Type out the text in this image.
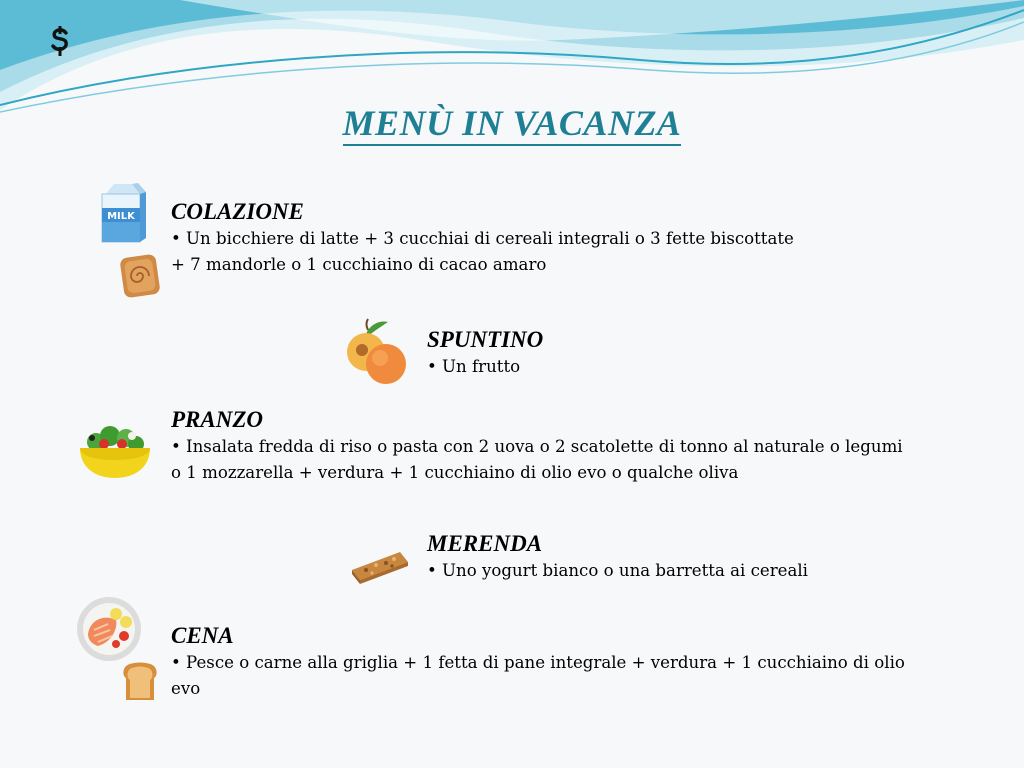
MENÙ IN VACANZA
MILK COLAZIONE

• Un bicchiere di latte + 3 cucchiai di cereali integrali o 3 fette biscottate

+ 7 mandorle o 1 cucchiaino di cacao amaro

SPUNTINO

• Un frutto

PRANZO

• Insalata fredda di riso o pasta con 2 uova o 2 scatolette di tonno al naturale o legumi

o 1 mozzarella + verdura + 1 cucchiaino di olio evo o qualche oliva

MERENDA

• Uno yogurt bianco o una barretta ai cereali

CENA

• Pesce o carne alla griglia + 1 fetta di pane integrale + verdura + 1 cucchiaino di olio

evo
